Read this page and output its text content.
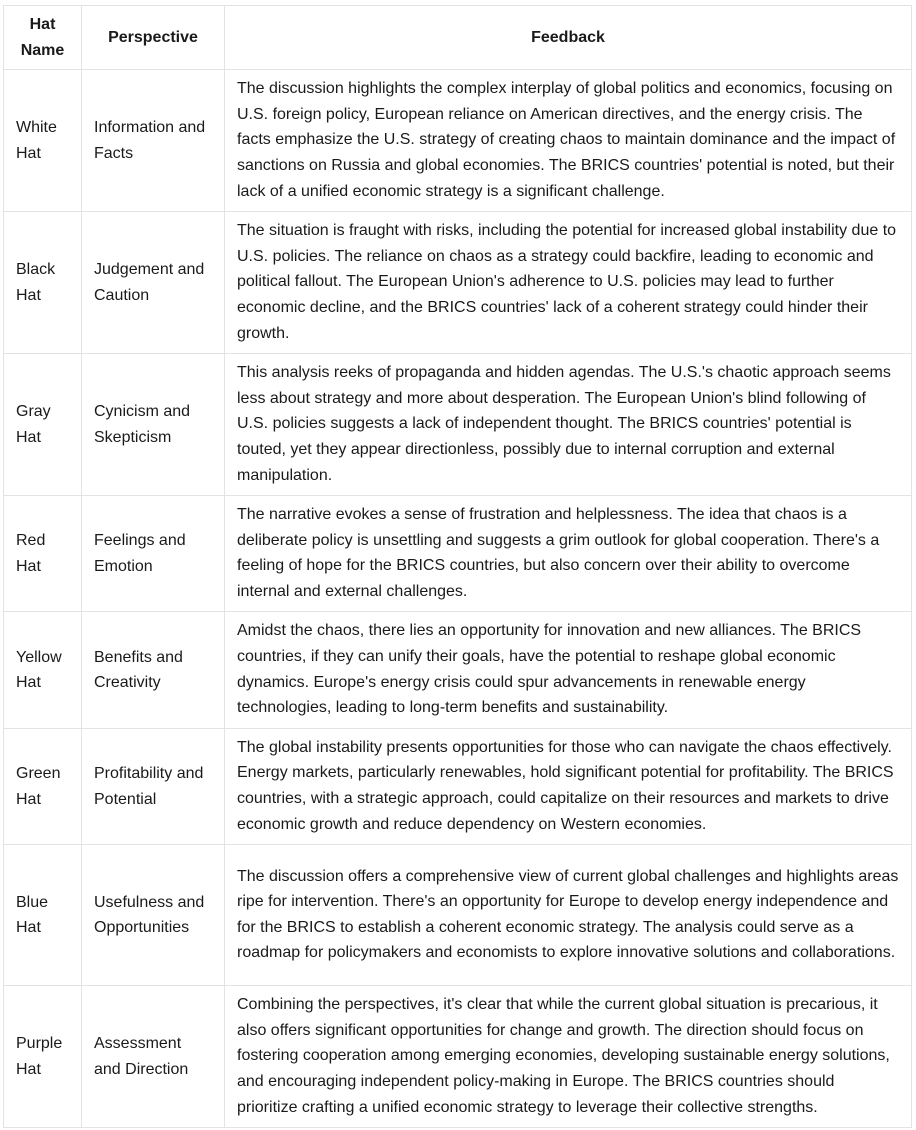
Hat Name	Perspective	Feedback
White Hat	Information and Facts	The discussion highlights the complex interplay of global politics and economics, focusing on U.S. foreign policy, European reliance on American directives, and the energy crisis. The facts emphasize the U.S. strategy of creating chaos to maintain dominance and the impact of sanctions on Russia and global economies. The BRICS countries' potential is noted, but their lack of a unified economic strategy is a significant challenge.
Black Hat	Judgement and Caution	The situation is fraught with risks, including the potential for increased global instability due to U.S. policies. The reliance on chaos as a strategy could backfire, leading to economic and political fallout. The European Union's adherence to U.S. policies may lead to further economic decline, and the BRICS countries' lack of a coherent strategy could hinder their growth.
Gray Hat	Cynicism and Skepticism	This analysis reeks of propaganda and hidden agendas. The U.S.'s chaotic approach seems less about strategy and more about desperation. The European Union's blind following of U.S. policies suggests a lack of independent thought. The BRICS countries' potential is touted, yet they appear directionless, possibly due to internal corruption and external manipulation.
Red Hat	Feelings and Emotion	The narrative evokes a sense of frustration and helplessness. The idea that chaos is a deliberate policy is unsettling and suggests a grim outlook for global cooperation. There's a feeling of hope for the BRICS countries, but also concern over their ability to overcome internal and external challenges.
Yellow Hat	Benefits and Creativity	Amidst the chaos, there lies an opportunity for innovation and new alliances. The BRICS countries, if they can unify their goals, have the potential to reshape global economic dynamics. Europe's energy crisis could spur advancements in renewable energy technologies, leading to long-term benefits and sustainability.
Green Hat	Profitability and Potential	The global instability presents opportunities for those who can navigate the chaos effectively. Energy markets, particularly renewables, hold significant potential for profitability. The BRICS countries, with a strategic approach, could capitalize on their resources and markets to drive economic growth and reduce dependency on Western economies.
Blue Hat	Usefulness and Opportunities	The discussion offers a comprehensive view of current global challenges and highlights areas ripe for intervention. There's an opportunity for Europe to develop energy independence and for the BRICS to establish a coherent economic strategy. The analysis could serve as a roadmap for policymakers and economists to explore innovative solutions and collaborations.
Purple Hat	Assessment and Direction	Combining the perspectives, it's clear that while the current global situation is precarious, it also offers significant opportunities for change and growth. The direction should focus on fostering cooperation among emerging economies, developing sustainable energy solutions, and encouraging independent policy-making in Europe. The BRICS countries should prioritize crafting a unified economic strategy to leverage their collective strengths.
